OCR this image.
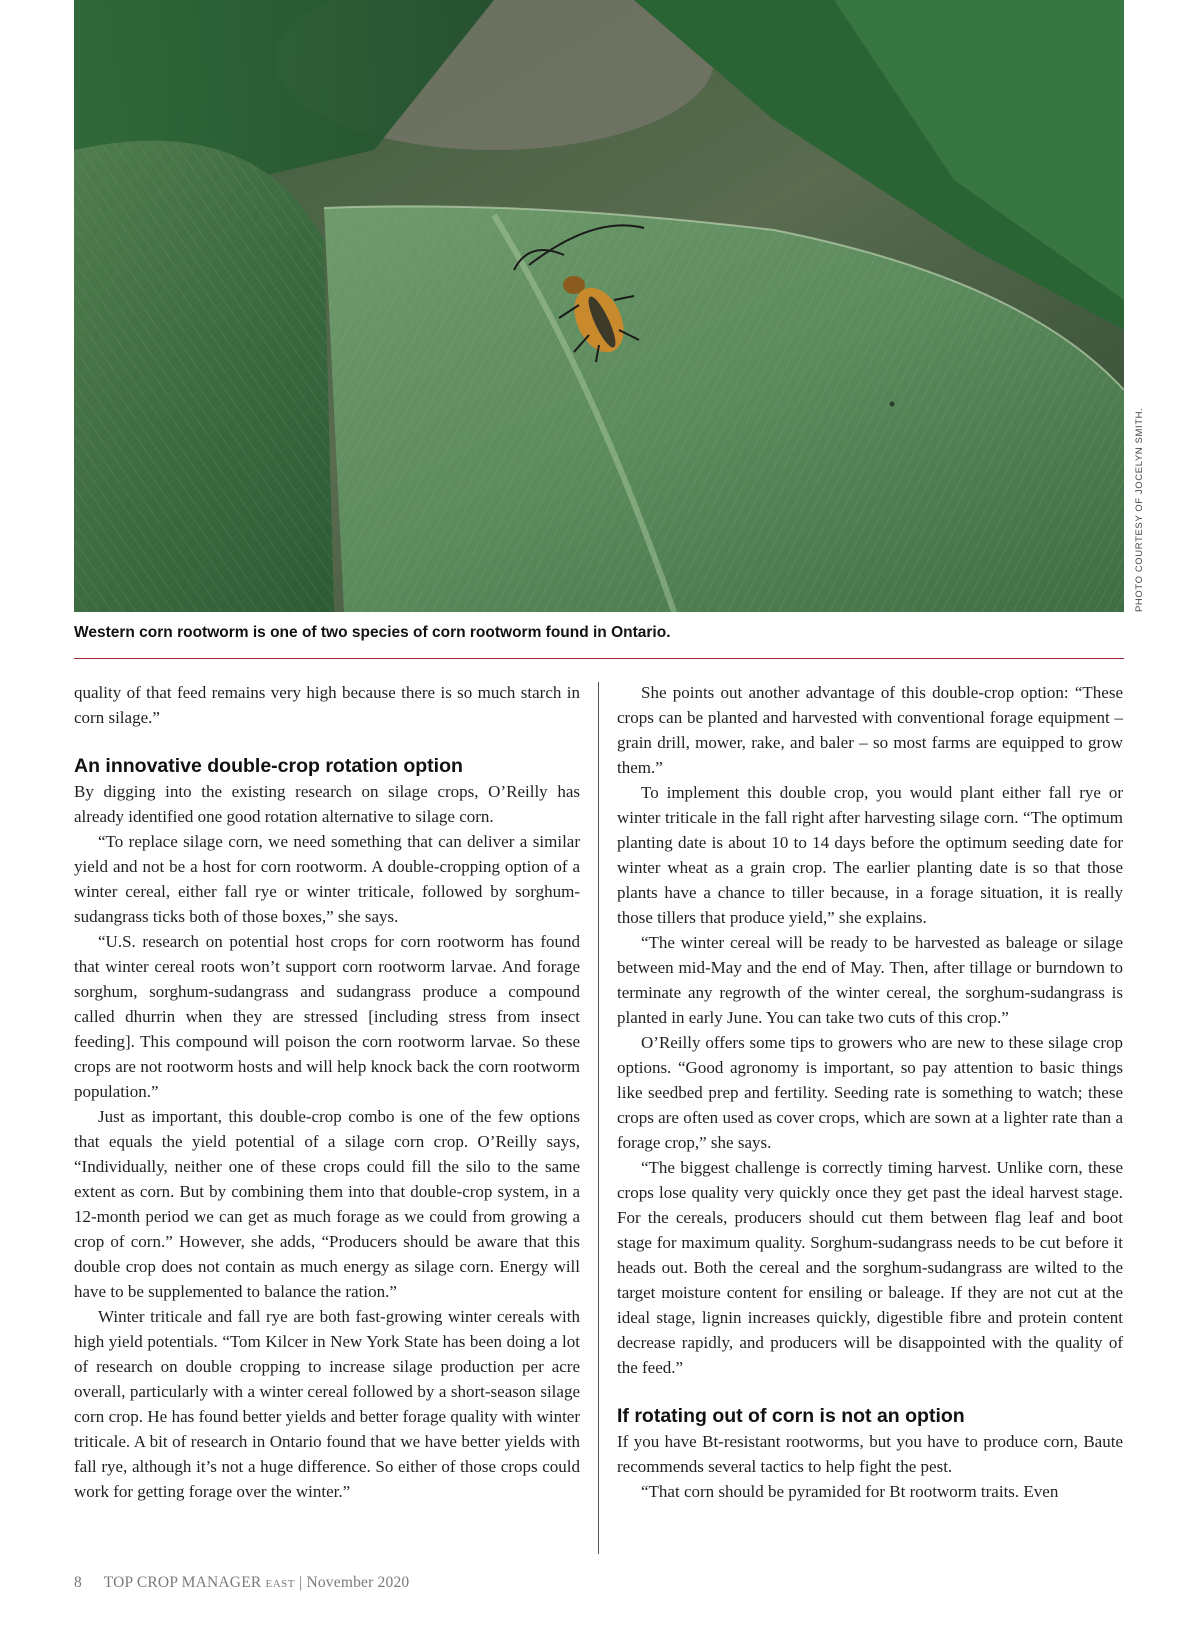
PHOTO COURTESY OF JOCELYN SMITH.
Western corn rootworm is one of two species of corn rootworm found in Ontario.

quality of that feed remains very high because there is so much starch in corn silage.”

An innovative double-crop rotation option

By digging into the existing research on silage crops, O’Reilly has already identified one good rotation alternative to silage corn.

“To replace silage corn, we need something that can deliver a similar yield and not be a host for corn rootworm. A double-cropping option of a winter cereal, either fall rye or winter triticale, followed by sorghum-sudangrass ticks both of those boxes,” she says.

“U.S. research on potential host crops for corn rootworm has found that winter cereal roots won’t support corn rootworm larvae. And forage sorghum, sorghum-sudangrass and sudangrass produce a compound called dhurrin when they are stressed [including stress from insect feeding]. This compound will poison the corn rootworm larvae. So these crops are not rootworm hosts and will help knock back the corn rootworm population.”

Just as important, this double-crop combo is one of the few options that equals the yield potential of a silage corn crop. O’Reilly says, “Individually, neither one of these crops could fill the silo to the same extent as corn. But by combining them into that double-crop system, in a 12-month period we can get as much forage as we could from growing a crop of corn.” However, she adds, “Producers should be aware that this double crop does not contain as much energy as silage corn. Energy will have to be supplemented to balance the ration.”

Winter triticale and fall rye are both fast-growing winter cereals with high yield potentials. “Tom Kilcer in New York State has been doing a lot of research on double cropping to increase silage production per acre overall, particularly with a winter cereal followed by a short-season silage corn crop. He has found better yields and better forage quality with winter triticale. A bit of research in Ontario found that we have better yields with fall rye, although it’s not a huge difference. So either of those crops could work for getting forage over the winter.”

She points out another advantage of this double-crop option: “These crops can be planted and harvested with conventional forage equipment – grain drill, mower, rake, and baler – so most farms are equipped to grow them.”

To implement this double crop, you would plant either fall rye or winter triticale in the fall right after harvesting silage corn. “The optimum planting date is about 10 to 14 days before the optimum seeding date for winter wheat as a grain crop. The earlier planting date is so that those plants have a chance to tiller because, in a forage situation, it is really those tillers that produce yield,” she explains.

“The winter cereal will be ready to be harvested as baleage or silage between mid-May and the end of May. Then, after tillage or burndown to terminate any regrowth of the winter cereal, the sorghum-sudangrass is planted in early June. You can take two cuts of this crop.”

O’Reilly offers some tips to growers who are new to these silage crop options. “Good agronomy is important, so pay attention to basic things like seedbed prep and fertility. Seeding rate is something to watch; these crops are often used as cover crops, which are sown at a lighter rate than a forage crop,” she says.

“The biggest challenge is correctly timing harvest. Unlike corn, these crops lose quality very quickly once they get past the ideal harvest stage. For the cereals, producers should cut them between flag leaf and boot stage for maximum quality. Sorghum-sudangrass needs to be cut before it heads out. Both the cereal and the sorghum-sudangrass are wilted to the target moisture content for ensiling or baleage. If they are not cut at the ideal stage, lignin increases quickly, digestible fibre and protein content decrease rapidly, and producers will be disappointed with the quality of the feed.”

If rotating out of corn is not an option

If you have Bt-resistant rootworms, but you have to produce corn, Baute recommends several tactics to help fight the pest.

“That corn should be pyramided for Bt rootworm traits. Even

8 TOP CROP MANAGER EAST | November 2020
